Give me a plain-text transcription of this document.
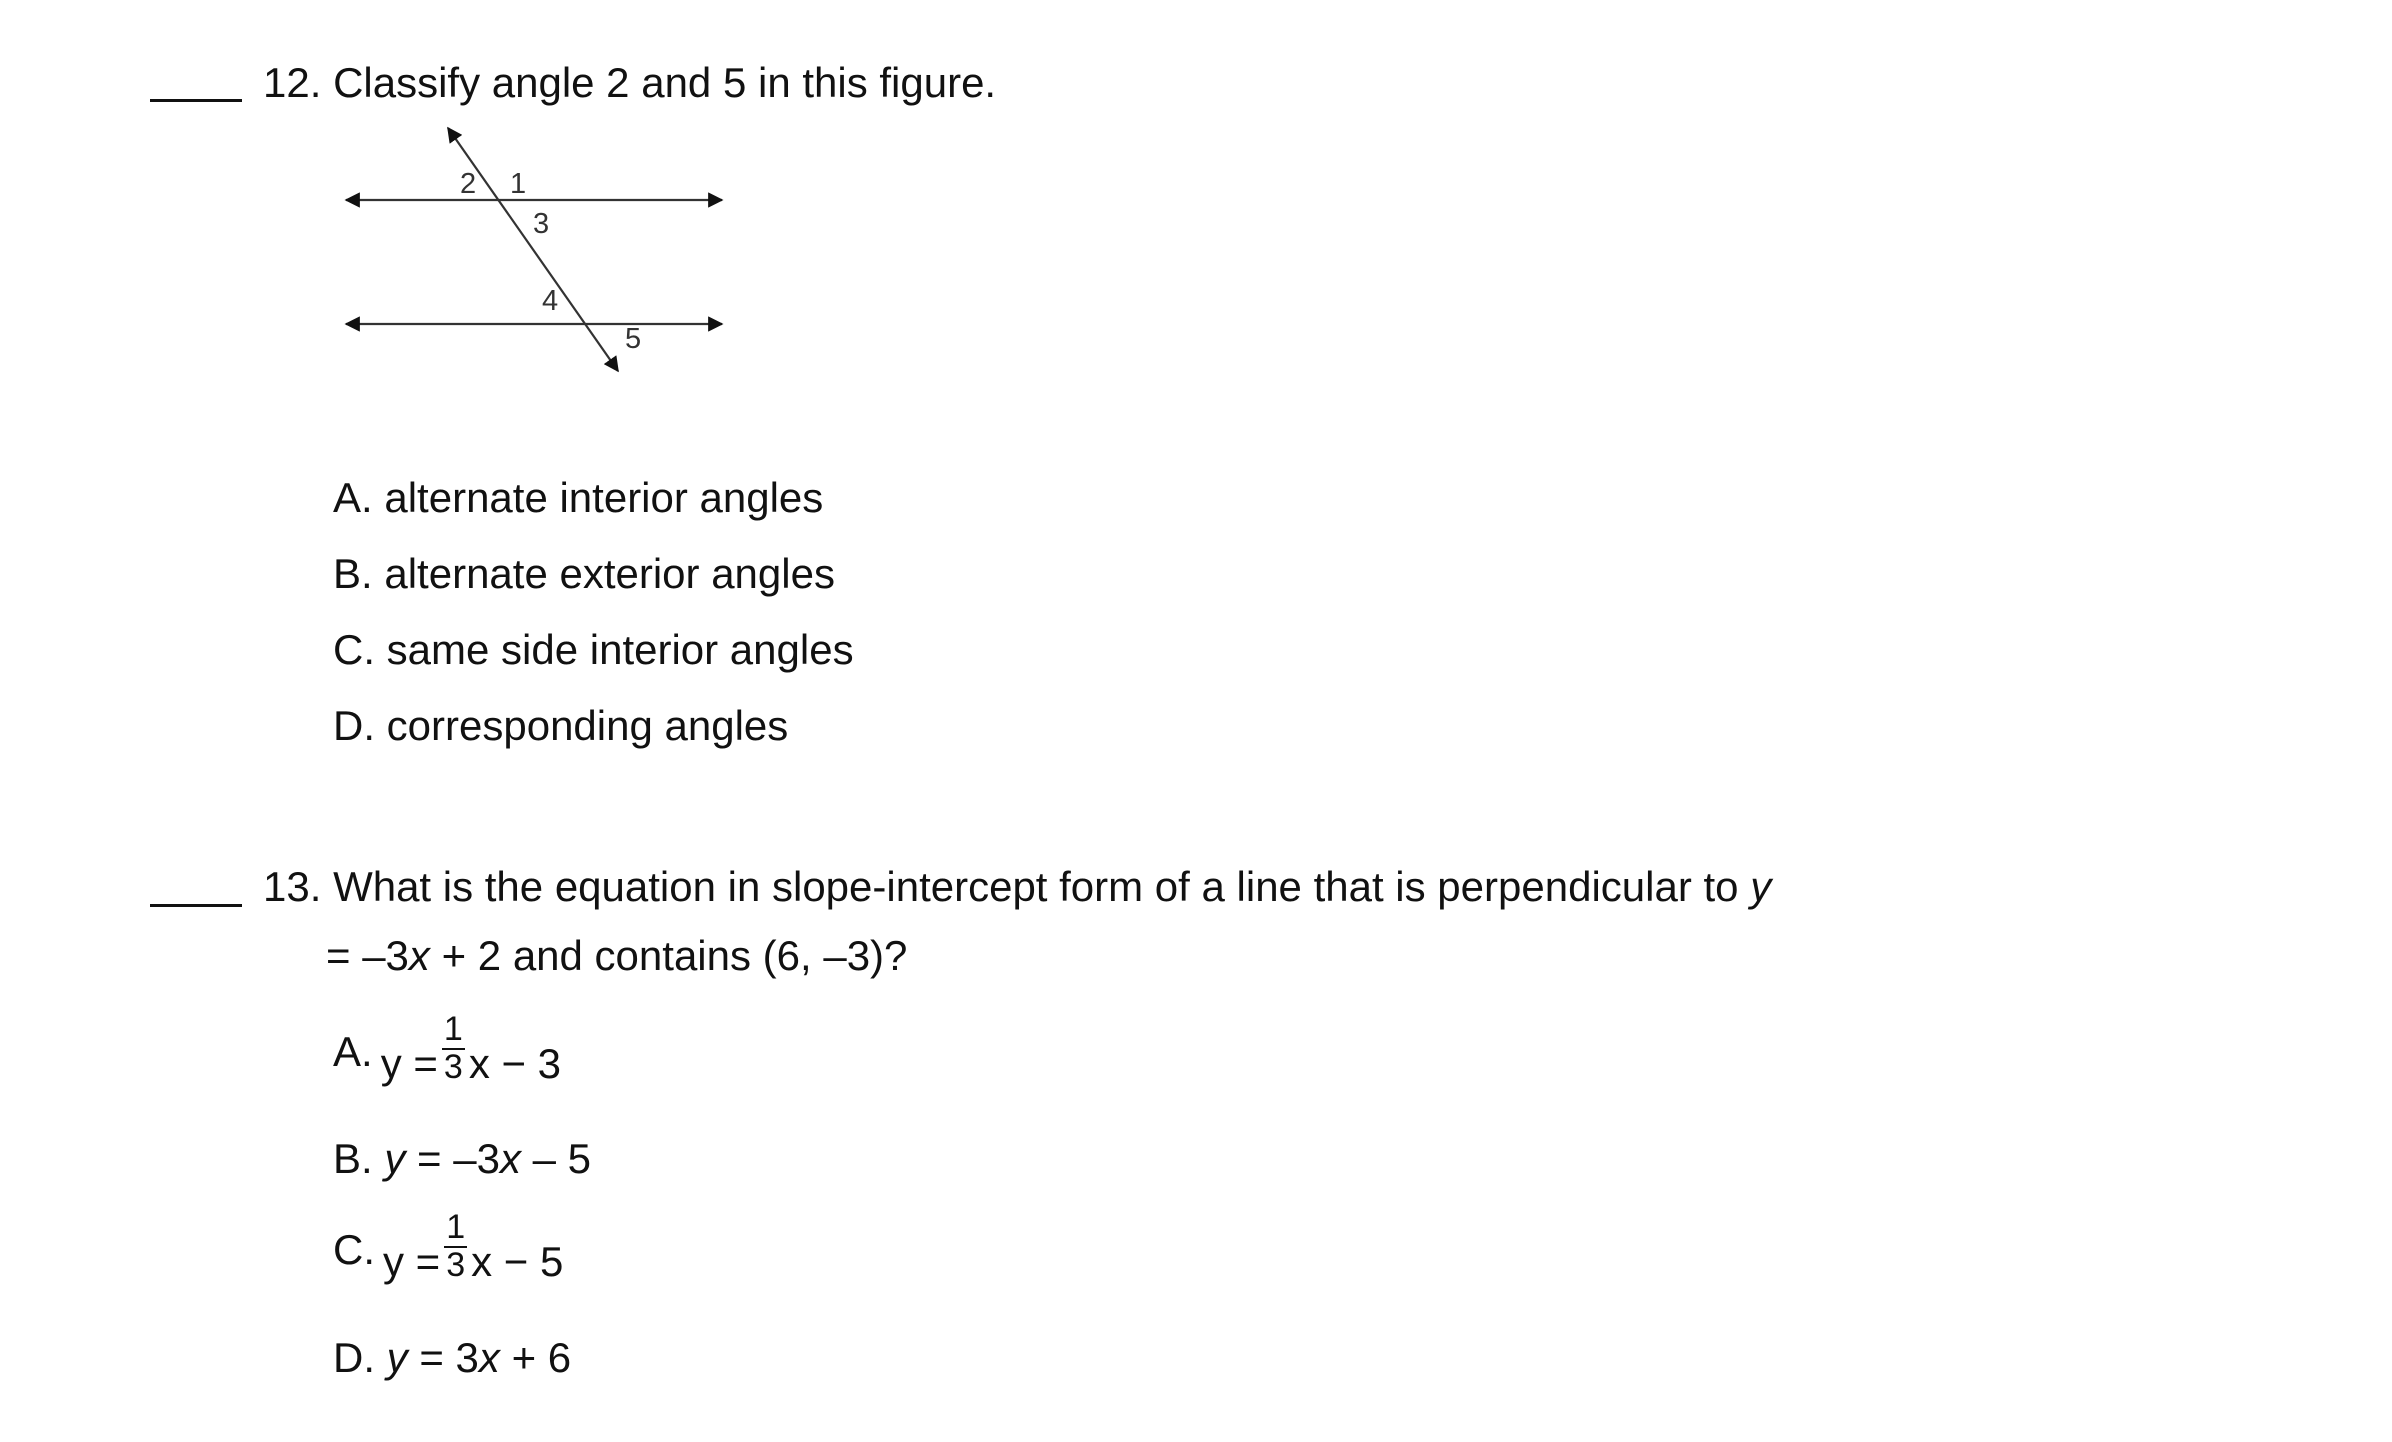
12. Classify angle 2 and 5 in this figure.
2 1
3
4
5
A. alternate interior angles
B. alternate exterior angles
C. same side interior angles
D. corresponding angles
13. What is the equation in slope-intercept form of a line that is perpendicular to y
= –3x + 2 and contains (6, –3)?
A. $y = \frac{1}{3}$ x − 3
B. y = –3x – 5
C. $y = \frac{1}{3}$ x − 5
D. y = 3x + 6
